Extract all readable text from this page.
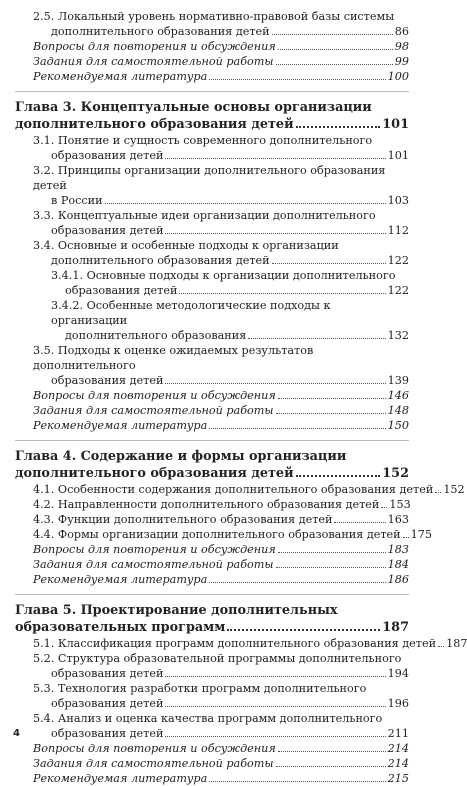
2.5. Локальный уровень нормативно-правовой базы системы
дополнительного образования детей	86
Вопросы для повторения и обсуждения	98
Задания для самостоятельной работы	99
Рекомендуемая литература	100
Глава 3. Концептуальные основы организации
дополнительного образования детей	101
3.1. Понятие и сущность современного дополнительного
образования детей	101
3.2. Принципы организации дополнительного образования детей
в России	103
3.3. Концептуальные идеи организации дополнительного
образования детей	112
3.4. Основные и особенные подходы к организации
дополнительного образования детей	122
3.4.1. Основные подходы к организации дополнительного
образования детей	122
3.4.2. Особенные методологические подходы к организации
дополнительного образования	132
3.5. Подходы к оценке ожидаемых результатов дополнительного
образования детей	139
Вопросы для повторения и обсуждения	146
Задания для самостоятельной работы	148
Рекомендуемая литература	150
Глава 4. Содержание и формы организации
дополнительного образования детей	152
4.1. Особенности содержания дополнительного образования детей 152
4.2. Направленности дополнительного образования детей 153
4.3. Функции дополнительного образования детей	163
4.4. Формы организации дополнительного образования детей 175
Вопросы для повторения и обсуждения	183
Задания для самостоятельной работы	184
Рекомендуемая литература	186
Глава 5. Проектирование дополнительных
образовательных программ	187
5.1. Классификация программ дополнительного образования детей 187
5.2. Структура образовательной программы дополнительного
образования детей	194
5.3. Технология разработки программ дополнительного
образования детей	196
5.4. Анализ и оценка качества программ дополнительного
образования детей	211
Вопросы для повторения и обсуждения	214
Задания для самостоятельной работы	214
Рекомендуемая литература	215
4
